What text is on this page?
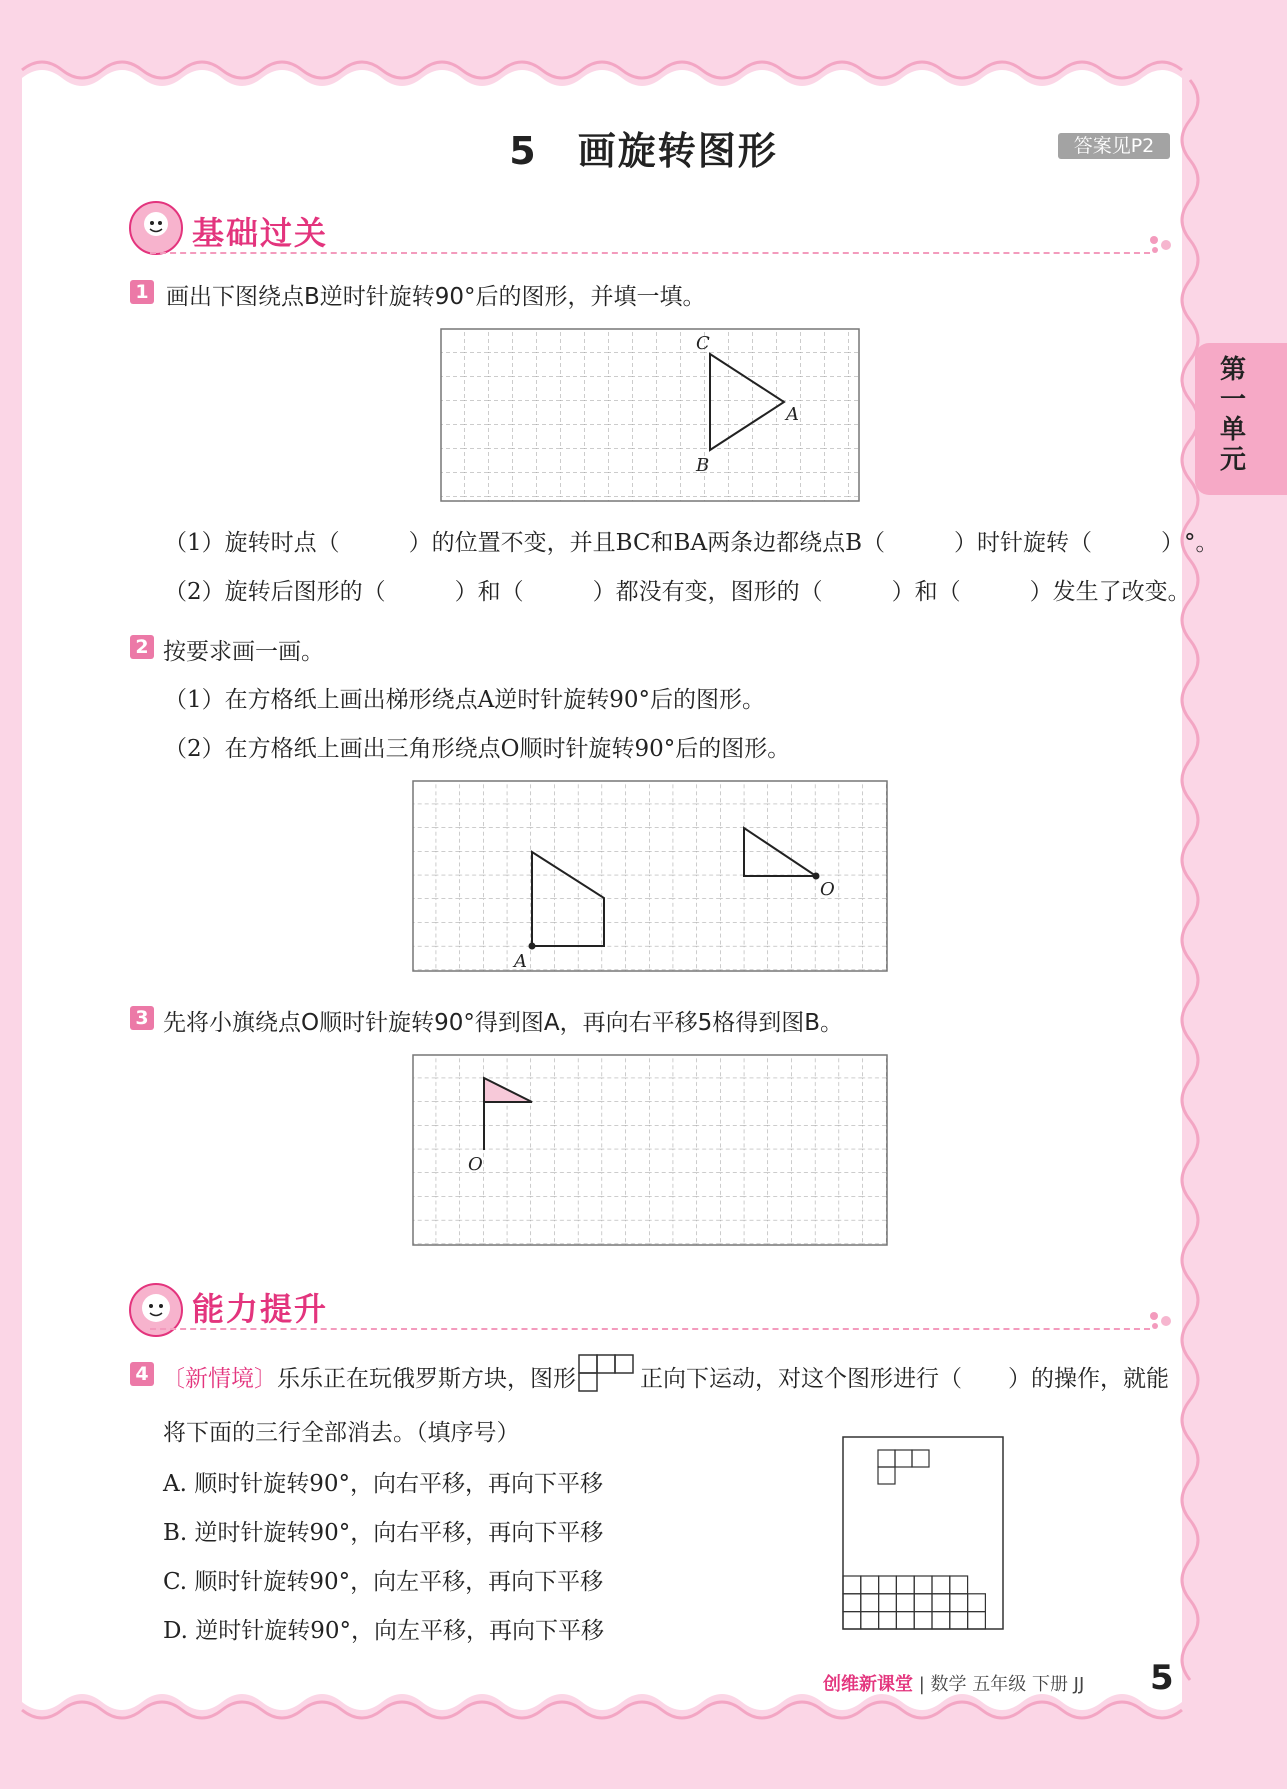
5　画旋转图形	答案见P2
第一单元
基础过关
1 画出下图绕点B逆时针旋转90°后的图形，并填一填。
C
A
B
（1）旋转时点（　　　）的位置不变，并且BC和BA两条边都绕点B（　　　）时针旋转（　　　）°。
（2）旋转后图形的（　　　）和（　　　）都没有变，图形的（　　　）和（　　　）发生了改变。
2 按要求画一画。
（1）在方格纸上画出梯形绕点A逆时针旋转90°后的图形。
（2）在方格纸上画出三角形绕点O顺时针旋转90°后的图形。
A
O
3 先将小旗绕点O顺时针旋转90°得到图A，再向右平移5格得到图B。
O
能力提升
4 〔新情境〕乐乐正在玩俄罗斯方块，图形	正向下运动，对这个图形进行（　　）的操作，就能
将下面的三行全部消去。（填序号）
A. 顺时针旋转90°，向右平移，再向下平移
B. 逆时针旋转90°，向右平移，再向下平移
C. 顺时针旋转90°，向左平移，再向下平移
D. 逆时针旋转90°，向左平移，再向下平移
创维新课堂 | 数学 五年级 下册 JJ 5
